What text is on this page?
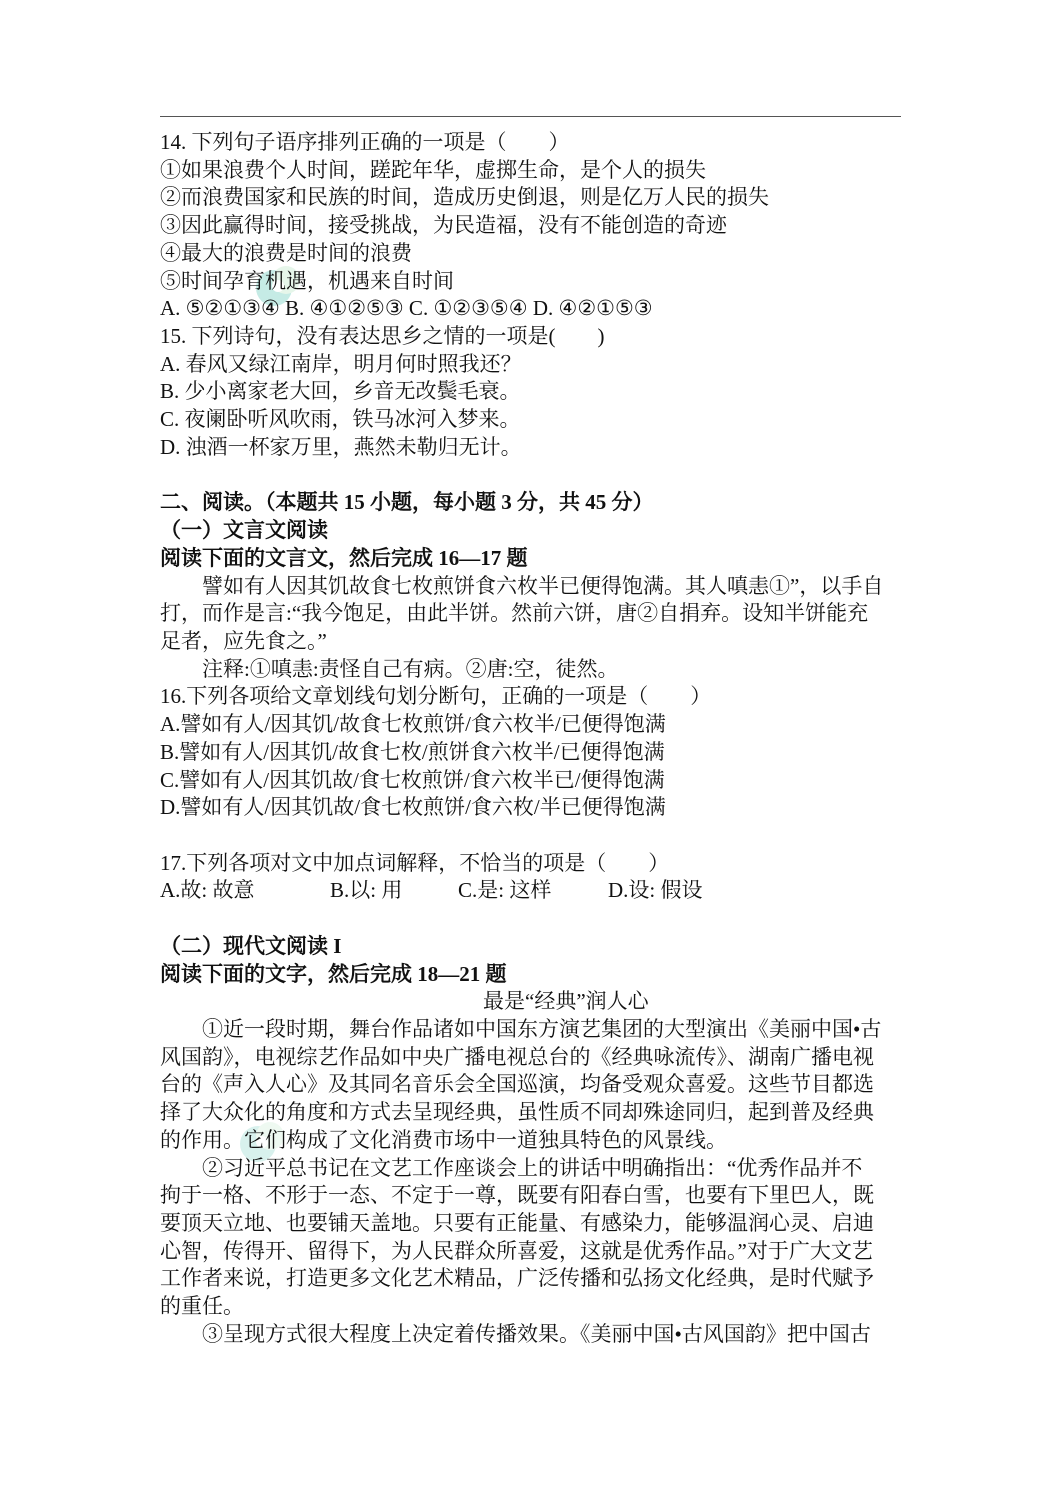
14. 下列句子语序排列正确的一项是（　　）
①如果浪费个人时间，蹉跎年华，虚掷生命，是个人的损失
②而浪费国家和民族的时间，造成历史倒退，则是亿万人民的损失
③因此赢得时间，接受挑战，为民造福，没有不能创造的奇迹
④最大的浪费是时间的浪费
⑤时间孕育机遇，机遇来自时间
A. ⑤②①③④ B. ④①②⑤③ C. ①②③⑤④ D. ④②①⑤③
15. 下列诗句，没有表达思乡之情的一项是(　　)
A. 春风又绿江南岸，明月何时照我还？
B. 少小离家老大回，乡音无改鬓毛衰。
C. 夜阑卧听风吹雨，铁马冰河入梦来。
D. 浊酒一杯家万里，燕然未勒归无计。
二、阅读。（本题共 15 小题，每小题 3 分，共 45 分）
（一）文言文阅读
阅读下面的文言文，然后完成 16—17 题
譬如有人因其饥故食七枚煎饼食六枚半已便得饱满。其人嗔恚①”，以手自
打，而作是言:“我今饱足，由此半饼。然前六饼，唐②自捐弃。设知半饼能充
足者，应先食之。”
注释:①嗔恚:责怪自己有病。②唐:空，徒然。
16.下列各项给文章划线句划分断句，正确的一项是（　　）
A.譬如有人/因其饥/故食七枚煎饼/食六枚半/已便得饱满
B.譬如有人/因其饥/故食七枚/煎饼食六枚半/已便得饱满
C.譬如有人/因其饥故/食七枚煎饼/食六枚半已/便得饱满
D.譬如有人/因其饥故/食七枚煎饼/食六枚/半已便得饱满
17.下列各项对文中加点词解释，不恰当的项是（　　）
A.故: 故意	B.以: 用	C.是: 这样	D.设: 假设
（二）现代文阅读 I
阅读下面的文字，然后完成 18—21 题
最是“经典”润人心
①近一段时期，舞台作品诸如中国东方演艺集团的大型演出《美丽中国•古
风国韵》，电视综艺作品如中央广播电视总台的《经典咏流传》、湖南广播电视
台的《声入人心》及其同名音乐会全国巡演，均备受观众喜爱。这些节目都选
择了大众化的角度和方式去呈现经典，虽性质不同却殊途同归，起到普及经典
的作用。它们构成了文化消费市场中一道独具特色的风景线。
②习近平总书记在文艺工作座谈会上的讲话中明确指出：“优秀作品并不
拘于一格、不形于一态、不定于一尊，既要有阳春白雪，也要有下里巴人，既
要顶天立地、也要铺天盖地。只要有正能量、有感染力，能够温润心灵、启迪
心智，传得开、留得下，为人民群众所喜爱，这就是优秀作品。”对于广大文艺
工作者来说，打造更多文化艺术精品，广泛传播和弘扬文化经典，是时代赋予
的重任。
③呈现方式很大程度上决定着传播效果。《美丽中国•古风国韵》把中国古
